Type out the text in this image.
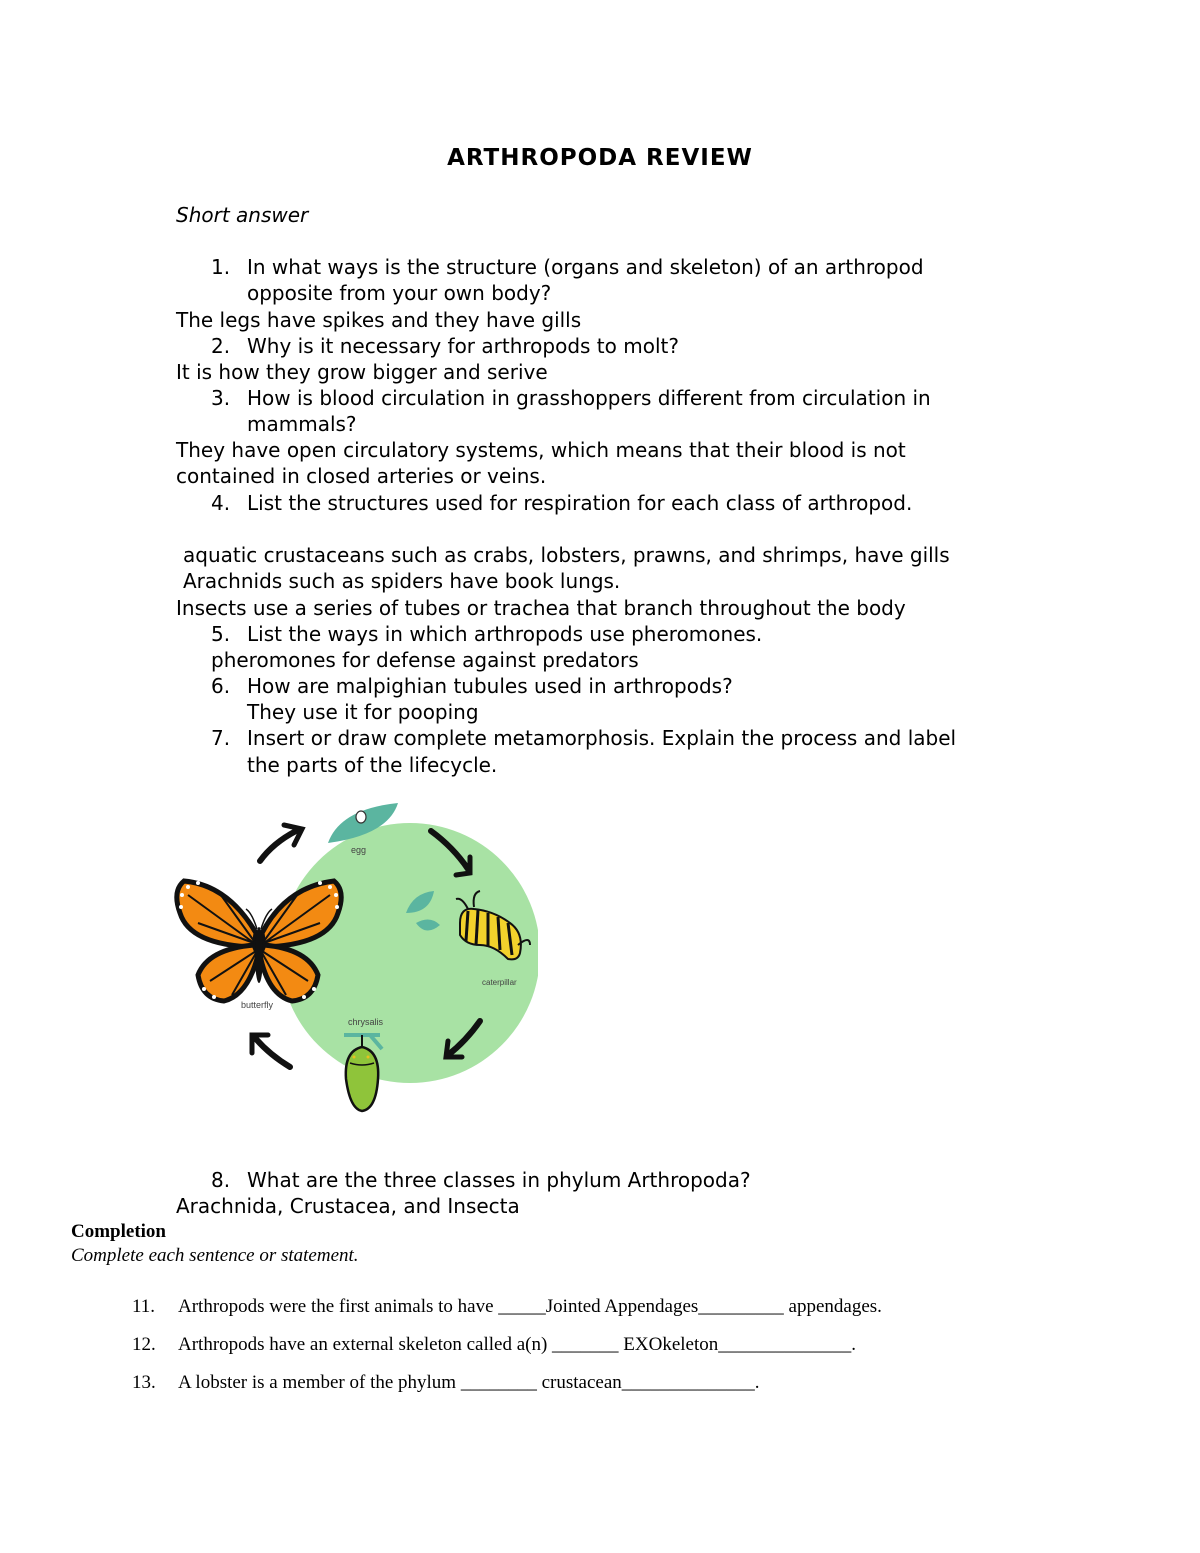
ARTHROPODA REVIEW
Short answer
1. In what ways is the structure (organs and skeleton) of an arthropod
opposite from your own body?
The legs have spikes and they have gills
2. Why is it necessary for arthropods to molt?
It is how they grow bigger and serive
3. How is blood circulation in grasshoppers different from circulation in
mammals?
They have open circulatory systems, which means that their blood is not
contained in closed arteries or veins.
4. List the structures used for respiration for each class of arthropod.
aquatic crustaceans such as crabs, lobsters, prawns, and shrimps, have gills
Arachnids such as spiders have book lungs.
Insects use a series of tubes or trachea that branch throughout the body
5. List the ways in which arthropods use pheromones.
pheromones for defense against predators
6. How are malpighian tubules used in arthropods?
They use it for pooping
7. Insert or draw complete metamorphosis. Explain the process and label
the parts of the lifecycle.
egg
caterpillar
chrysalis
butterfly
8. What are the three classes in phylum Arthropoda?
Arachnida, Crustacea, and Insecta
Completion
Complete each sentence or statement.
11. Arthropods were the first animals to have _____Jointed Appendages_________ appendages.
12. Arthropods have an external skeleton called a(n) _______ EXOkeleton______________.
13. A lobster is a member of the phylum ________ crustacean______________.
